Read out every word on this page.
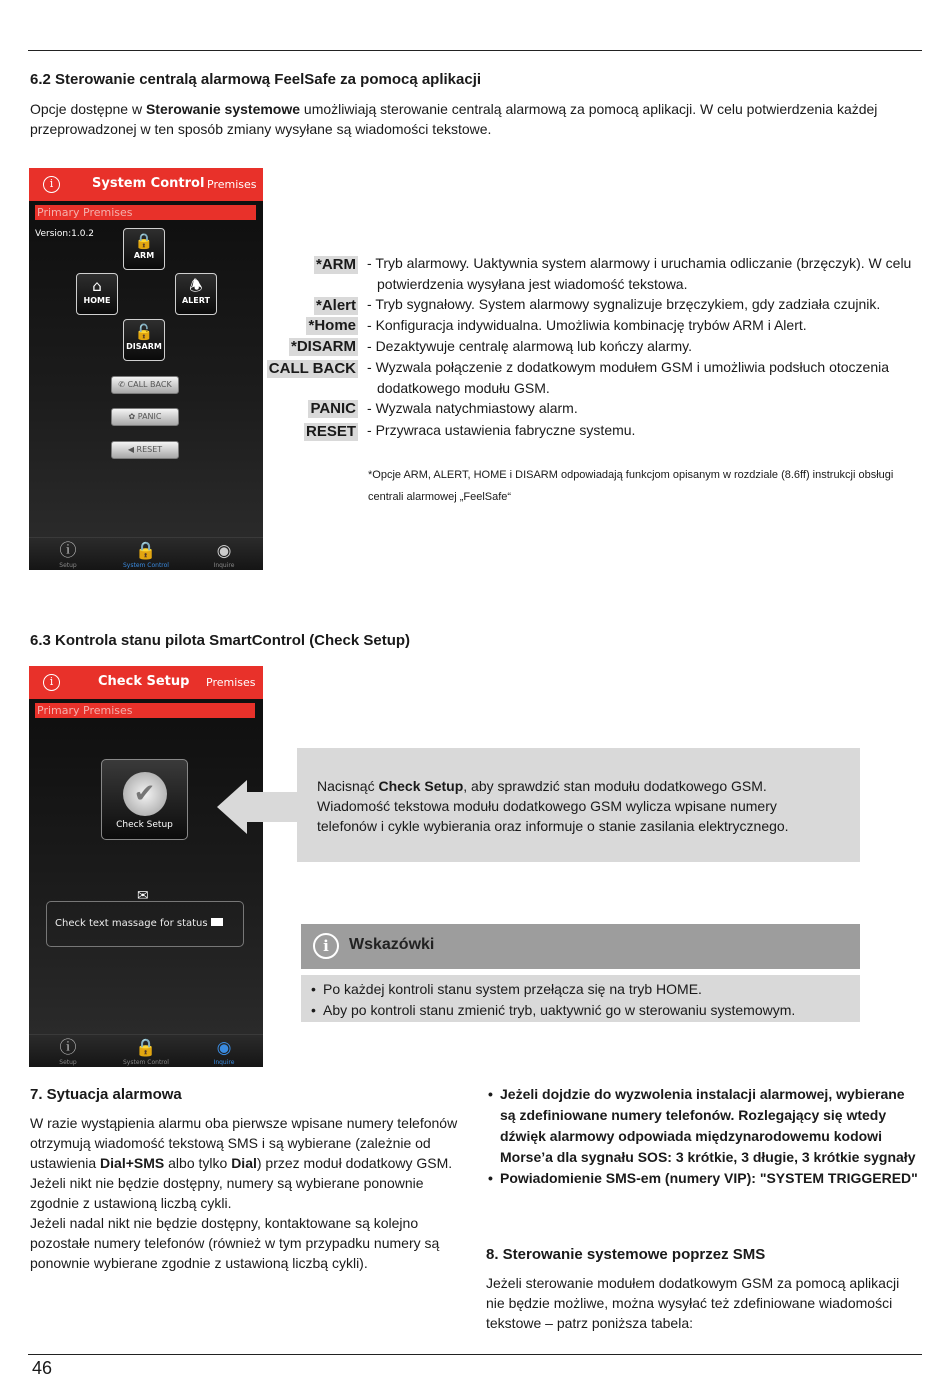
6.2 Sterowanie centralą alarmową FeelSafe za pomocą aplikacji

Opcje dostępne w Sterowanie systemowe umożliwiają sterowanie centralą alarmową za pomocą aplikacji. W celu potwierdzenia każdej przeprowadzonej w ten sposób zmiany wysyłane są wiadomości tekstowe.

i	System Control Premises
Primary Premises
Version:1.0.2	🔒
ARM
⌂
HOME
🕭
ALERT
🔓
DISARM
✆ CALL BACK
✿ PANIC
◀ RESET
ⓘ
Setup
🔒
System Control
◉
Inquire
*ARM - Tryb alarmowy. Uaktywnia system alarmowy i uruchamia odliczanie (brzęczyk). W celu
potwierdzenia wysyłana jest wiadomość tekstowa.
*Alert - Tryb sygnałowy. System alarmowy sygnalizuje brzęczykiem, gdy zadziała czujnik.
*Home - Konfiguracja indywidualna. Umożliwia kombinację trybów ARM i Alert.
*DISARM - Dezaktywuje centralę alarmową lub kończy alarmy.
CALL BACK - Wyzwala połączenie z dodatkowym modułem GSM i umożliwia podsłuch otoczenia
dodatkowego modułu GSM.
PANIC - Wyzwala natychmiastowy alarm.
RESET - Przywraca ustawienia fabryczne systemu.
*Opcje ARM, ALERT, HOME i DISARM odpowiadają funkcjom opisanym w rozdziale (8.6ff) instrukcji obsługi centrali alarmowej „FeelSafe“
6.3 Kontrola stanu pilota SmartControl (Check Setup)
i	Check Setup Premises
Primary Premises
✔
Check Setup
✉
Check text massage for status
ⓘ
Setup
🔒
System Control
◉
Inquire
Nacisnąć Check Setup, aby sprawdzić stan modułu dodatkowego GSM.
Wiadomość tekstowa modułu dodatkowego GSM wylicza wpisane numery
telefonów i cykle wybierania oraz informuje o stanie zasilania elektrycznego.
i	Wskazówki
• Po każdej kontroli stanu system przełącza się na tryb HOME.
• Aby po kontroli stanu zmienić tryb, uaktywnić go w sterowaniu systemowym.
7. Sytuacja alarmowa
W razie wystąpienia alarmu oba pierwsze wpisane numery telefonów otrzymują wiadomość tekstową SMS i są wybierane (zależnie od ustawienia Dial+SMS albo tylko Dial) przez moduł dodatkowy GSM.
Jeżeli nikt nie będzie dostępny, numery są wybierane ponownie zgodnie z ustawioną liczbą cykli.
Jeżeli nadal nikt nie będzie dostępny, kontaktowane są kolejno pozostałe numery telefonów (również w tym przypadku numery są ponownie wybierane zgodnie z ustawioną liczbą cykli).
• Jeżeli dojdzie do wyzwolenia instalacji alarmowej, wybierane są zdefiniowane numery telefonów. Rozlegający się wtedy dźwięk alarmowy odpowiada międzynarodowemu kodowi Morse’a dla sygnału SOS: 3 krótkie, 3 długie, 3 krótkie sygnały
• Powiadomienie SMS-em (numery VIP): "SYSTEM TRIGGERED"
8. Sterowanie systemowe poprzez SMS
Jeżeli sterowanie modułem dodatkowym GSM za pomocą aplikacji nie będzie możliwe, można wysyłać też zdefiniowane wiadomości tekstowe – patrz poniższa tabela:
46
